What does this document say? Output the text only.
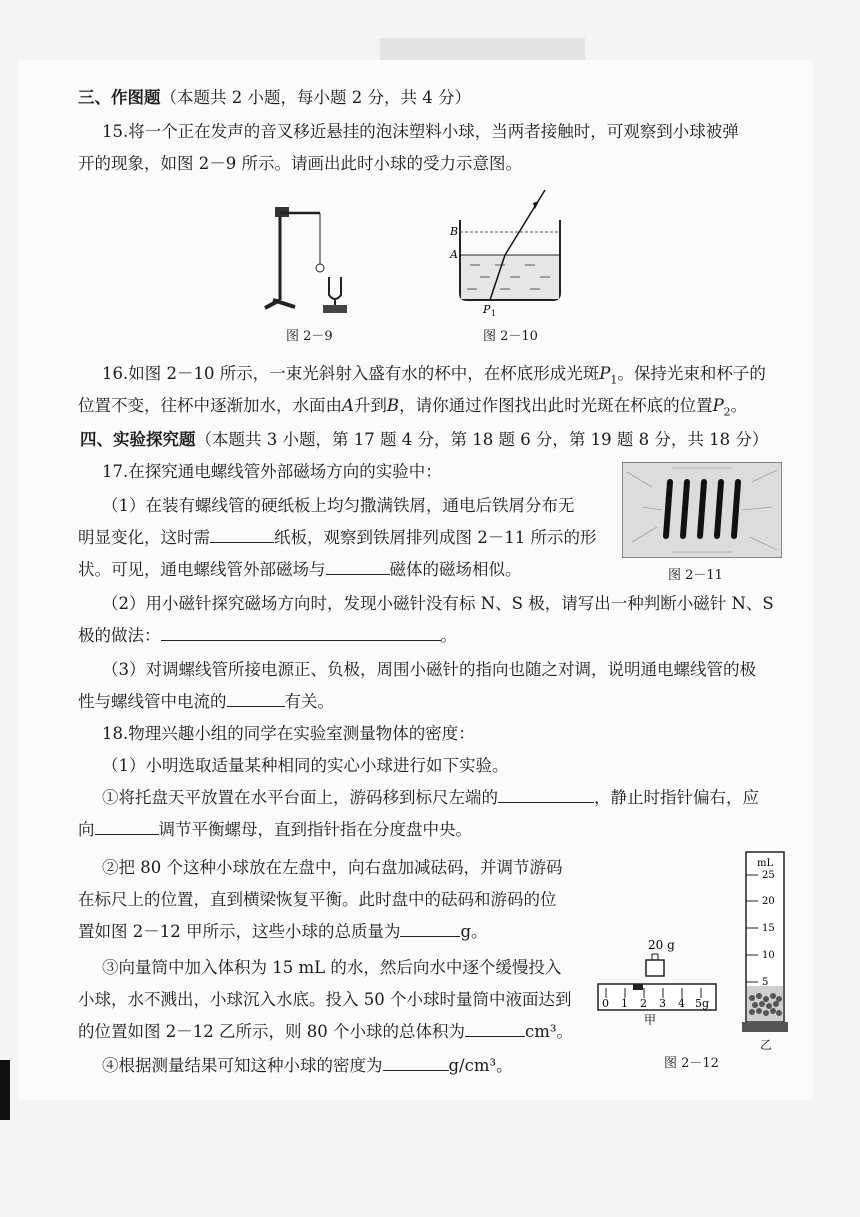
三、作图题（本题共 2 小题，每小题 2 分，共 4 分）
15.将一个正在发声的音叉移近悬挂的泡沫塑料小球，当两者接触时，可观察到小球被弹
开的现象，如图 2－9 所示。请画出此时小球的受力示意图。
图 2－9
B
A
P 1
图 2－10
16.如图 2－10 所示，一束光斜射入盛有水的杯中，在杯底形成光斑$P_1$。保持光束和杯子的
位置不变，往杯中逐渐加水，水面由A升到B，请你通过作图找出此时光斑在杯底的位置$P_2$。
四、实验探究题（本题共 3 小题，第 17 题 4 分，第 18 题 6 分，第 19 题 8 分，共 18 分）
17.在探究通电螺线管外部磁场方向的实验中：
（1）在装有螺线管的硬纸板上均匀撒满铁屑，通电后铁屑分布无
明显变化，这时需	纸板，观察到铁屑排列成图 2－11 所示的形
状。可见，通电螺线管外部磁场与	磁体的磁场相似。	图 2－11
（2）用小磁针探究磁场方向时，发现小磁针没有标 N、S 极，请写出一种判断小磁针 N、S
极的做法：	。
（3）对调螺线管所接电源正、负极，周围小磁针的指向也随之对调，说明通电螺线管的极
性与螺线管中电流的	有关。
18.物理兴趣小组的同学在实验室测量物体的密度：
（1）小明选取适量某种相同的实心小球进行如下实验。
①将托盘天平放置在水平台面上，游码移到标尺左端的	，静止时指针偏右，应
向	调节平衡螺母，直到指针指在分度盘中央。
②把 80 个这种小球放在左盘中，向右盘加减砝码，并调节游码
在标尺上的位置，直到横梁恢复平衡。此时盘中的砝码和游码的位
置如图 2－12 甲所示，这些小球的总质量为	g。
③向量筒中加入体积为 15 mL 的水，然后向水中逐个缓慢投入
小球，水不溅出，小球沉入水底。投入 50 个小球时量筒中液面达到
的位置如图 2－12 乙所示，则 80 个小球的总体积为	cm³。
④根据测量结果可知这种小球的密度为	g/cm³。
20 g
0 1 2 3 4 5g
甲
mL
25
20
15
10
5
乙
图 2－12
